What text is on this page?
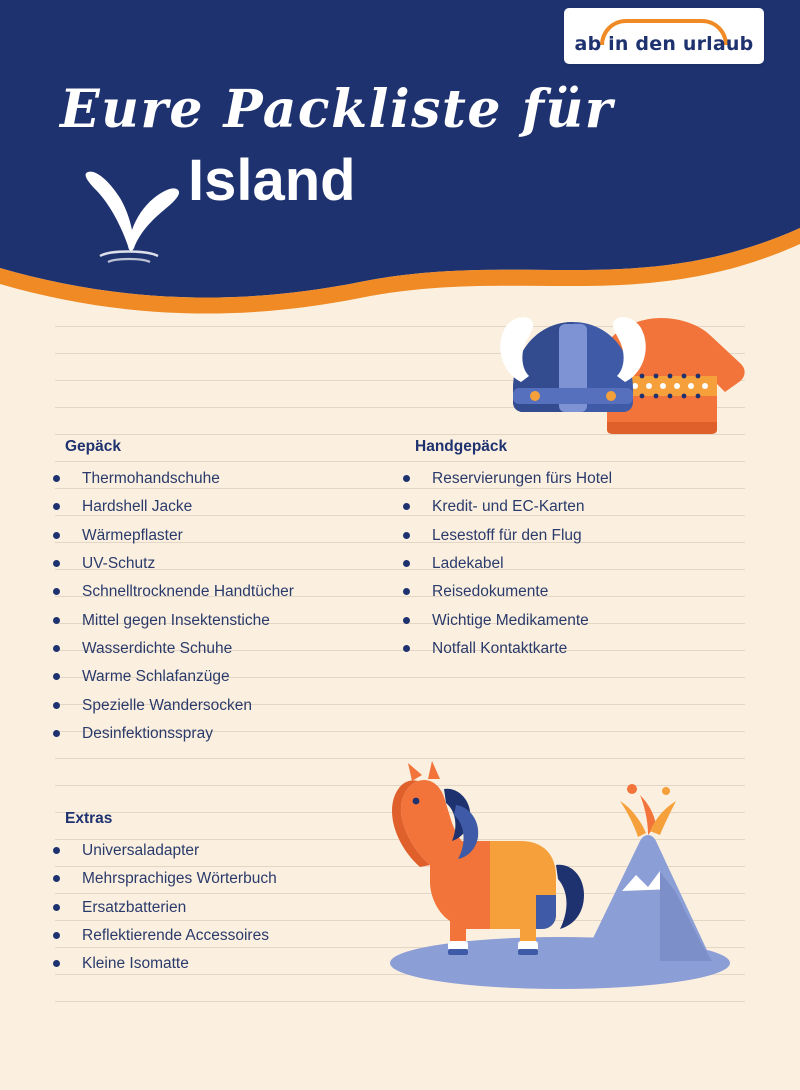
ab in den urlaub
Eure Packliste für
Island
Gepäck
Thermohandschuhe
Hardshell Jacke
Wärmepflaster
UV-Schutz
Schnelltrocknende Handtücher
Mittel gegen Insektenstiche
Wasserdichte Schuhe
Warme Schlafanzüge
Spezielle Wandersocken
Desinfektionsspray
Handgepäck
Reservierungen fürs Hotel
Kredit- und EC-Karten
Lesestoff für den Flug
Ladekabel
Reisedokumente
Wichtige Medikamente
Notfall Kontaktkarte
Extras
Universaladapter
Mehrsprachiges Wörterbuch
Ersatzbatterien
Reflektierende Accessoires
Kleine Isomatte
